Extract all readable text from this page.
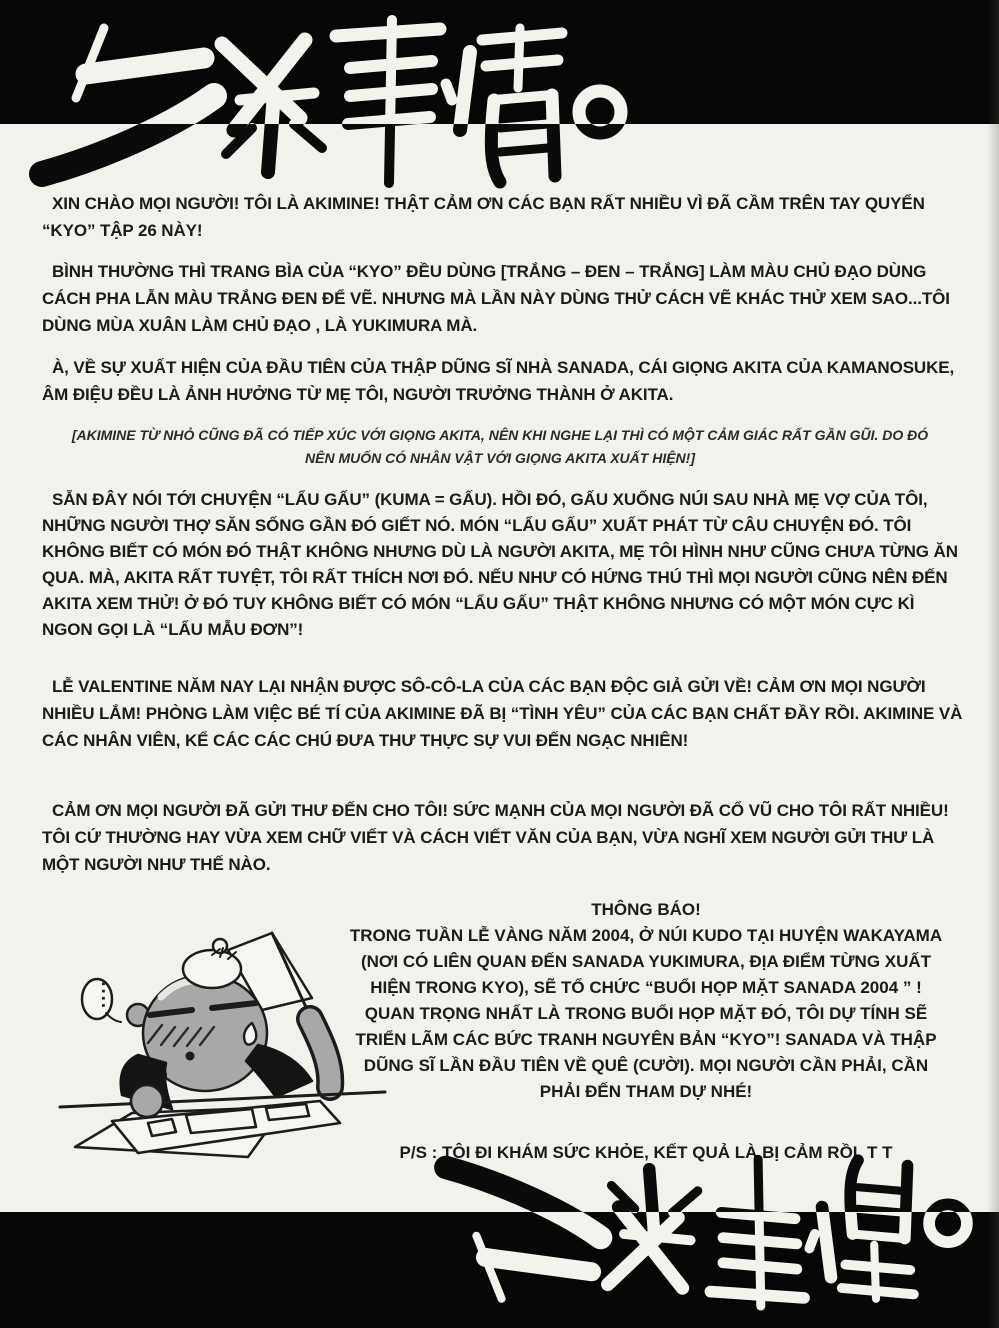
XIN CHÀO MỌI NGƯỜI! TÔI LÀ AKIMINE! THẬT CẢM ƠN CÁC BẠN RẤT NHIỀU VÌ ĐÃ CẦM TRÊN TAY QUYỂN “KYO” TẬP 26 NÀY!

BÌNH THƯỜNG THÌ TRANG BÌA CỦA “KYO” ĐỀU DÙNG [TRẮNG – ĐEN – TRẮNG] LÀM MÀU CHỦ ĐẠO DÙNG CÁCH PHA LẪN MÀU TRẮNG ĐEN ĐỂ VẼ. NHƯNG MÀ LẦN NÀY DÙNG THỬ CÁCH VẼ KHÁC THỬ XEM SAO...TÔI DÙNG MÙA XUÂN LÀM CHỦ ĐẠO , LÀ YUKIMURA MÀ.

À, VỀ SỰ XUẤT HIỆN CỦA ĐẦU TIÊN CỦA THẬP DŨNG SĨ NHÀ SANADA, CÁI GIỌNG AKITA CỦA KAMANOSUKE, ÂM ĐIỆU ĐỀU LÀ ẢNH HƯỞNG TỪ MẸ TÔI, NGƯỜI TRƯỞNG THÀNH Ở AKITA.

[AKIMINE TỪ NHỎ CŨNG ĐÃ CÓ TIẾP XÚC VỚI GIỌNG AKITA, NÊN KHI NGHE LẠI THÌ CÓ MỘT CẢM GIÁC RẤT GẦN GŨI. DO ĐÓ NÊN MUỐN CÓ NHÂN VẬT VỚI GIỌNG AKITA XUẤT HIỆN!]

SẴN ĐÂY NÓI TỚI CHUYỆN “LẨU GẤU” (KUMA = GẤU). HỒI ĐÓ, GẤU XUỐNG NÚI SAU NHÀ MẸ VỢ CỦA TÔI, NHỮNG NGƯỜI THỢ SĂN SỐNG GẦN ĐÓ GIẾT NÓ. MÓN “LẨU GẤU” XUẤT PHÁT TỪ CÂU CHUYỆN ĐÓ. TÔI KHÔNG BIẾT CÓ MÓN ĐÓ THẬT KHÔNG NHƯNG DÙ LÀ NGƯỜI AKITA, MẸ TÔI HÌNH NHƯ CŨNG CHƯA TỪNG ĂN QUA. MÀ, AKITA RẤT TUYỆT, TÔI RẤT THÍCH NƠI ĐÓ. NẾU NHƯ CÓ HỨNG THÚ THÌ MỌI NGƯỜI CŨNG NÊN ĐẾN AKITA XEM THỬ! Ở ĐÓ TUY KHÔNG BIẾT CÓ MÓN “LẨU GẤU” THẬT KHÔNG NHƯNG CÓ MỘT MÓN CỰC KÌ NGON GỌI LÀ “LẨU MẪU ĐƠN”!

LỄ VALENTINE NĂM NAY LẠI NHẬN ĐƯỢC SÔ-CÔ-LA CỦA CÁC BẠN ĐỘC GIẢ GỬI VỀ! CẢM ƠN MỌI NGƯỜI NHIỀU LẮM! PHÒNG LÀM VIỆC BÉ TÍ CỦA AKIMINE ĐÃ BỊ “TÌNH YÊU” CỦA CÁC BẠN CHẤT ĐẦY RỒI. AKIMINE VÀ CÁC NHÂN VIÊN, KỂ CÁC CÁC CHÚ ĐƯA THƯ THỰC SỰ VUI ĐẾN NGẠC NHIÊN!

CẢM ƠN MỌI NGƯỜI ĐÃ GỬI THƯ ĐẾN CHO TÔI! SỨC MẠNH CỦA MỌI NGƯỜI ĐÃ CỔ VŨ CHO TÔI RẤT NHIỀU! TÔI CỨ THƯỜNG HAY VỪA XEM CHỮ VIẾT VÀ CÁCH VIẾT VĂN CỦA BẠN, VỪA NGHĨ XEM NGƯỜI GỬI THƯ LÀ MỘT NGƯỜI NHƯ THẾ NÀO.

THÔNG BÁO!
TRONG TUẦN LỄ VÀNG NĂM 2004, Ở NÚI KUDO TẠI HUYỆN WAKAYAMA (NƠI CÓ LIÊN QUAN ĐẾN SANADA YUKIMURA, ĐỊA ĐIỂM TỪNG XUẤT HIỆN TRONG KYO), SẼ TỔ CHỨC “BUỔI HỌP MẶT SANADA 2004 ” ! QUAN TRỌNG NHẤT LÀ TRONG BUỔI HỌP MẶT ĐÓ, TÔI DỰ TÍNH SẼ TRIỂN LÃM CÁC BỨC TRANH NGUYÊN BẢN “KYO”! SANADA VÀ THẬP DŨNG SĨ LẦN ĐẦU TIÊN VỀ QUÊ (CƯỜI). MỌI NGƯỜI CẦN PHẢI, CẦN PHẢI ĐẾN THAM DỰ NHÉ!

P/S : TÔI ĐI KHÁM SỨC KHỎE, KẾT QUẢ LÀ BỊ CẢM RỒI. T T

....
